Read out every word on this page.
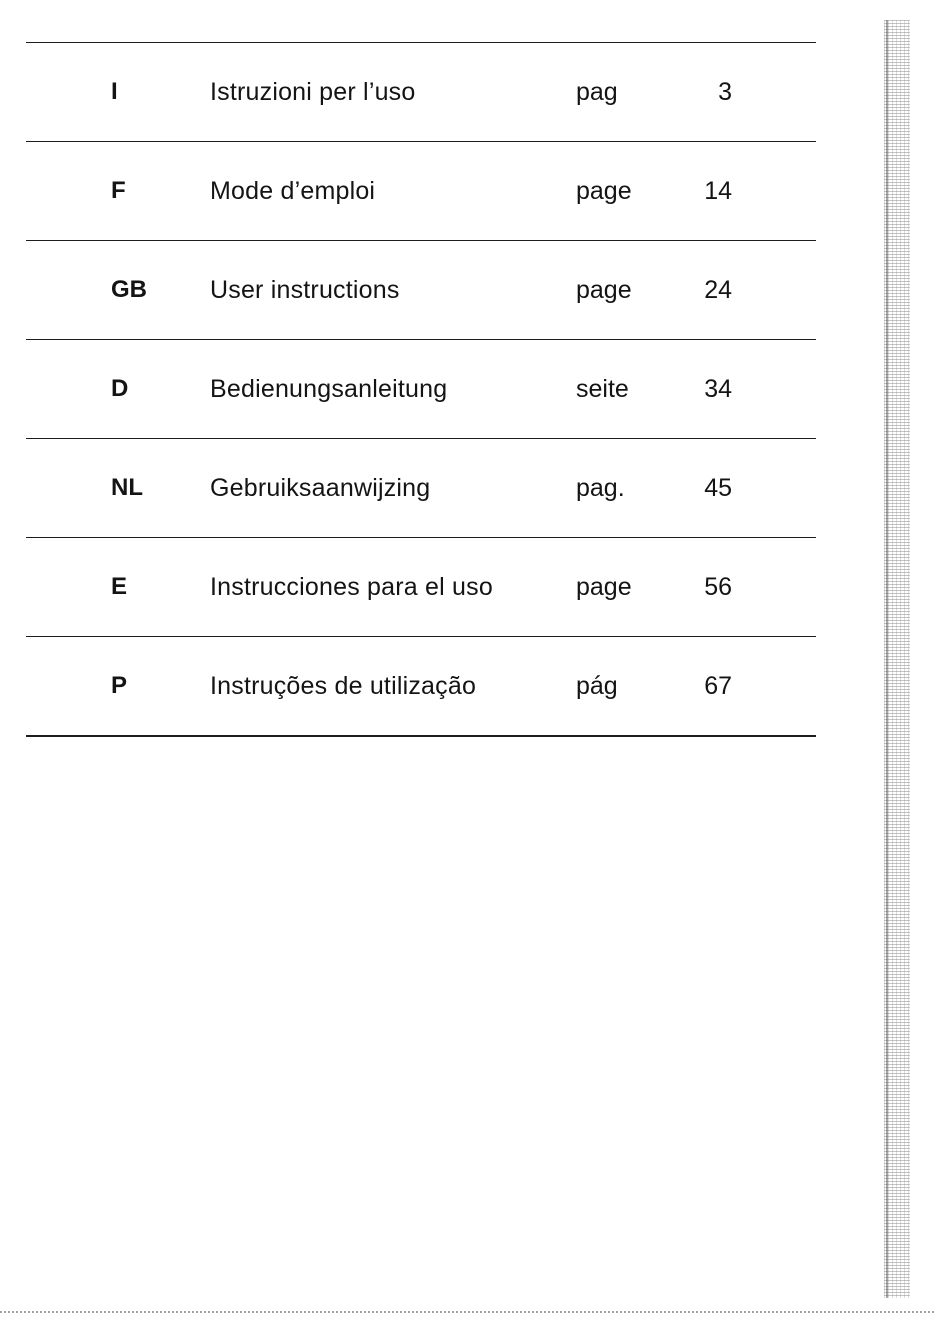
I	Istruzioni per l’uso	pag	3
F	Mode d’emploi	page	14
GB	User instructions	page	24
D	Bedienungsanleitung	seite	34
NL	Gebruiksaanwijzing	pag.	45
E	Instrucciones para el uso	page	56
P	Instruções de utilização	pág	67
